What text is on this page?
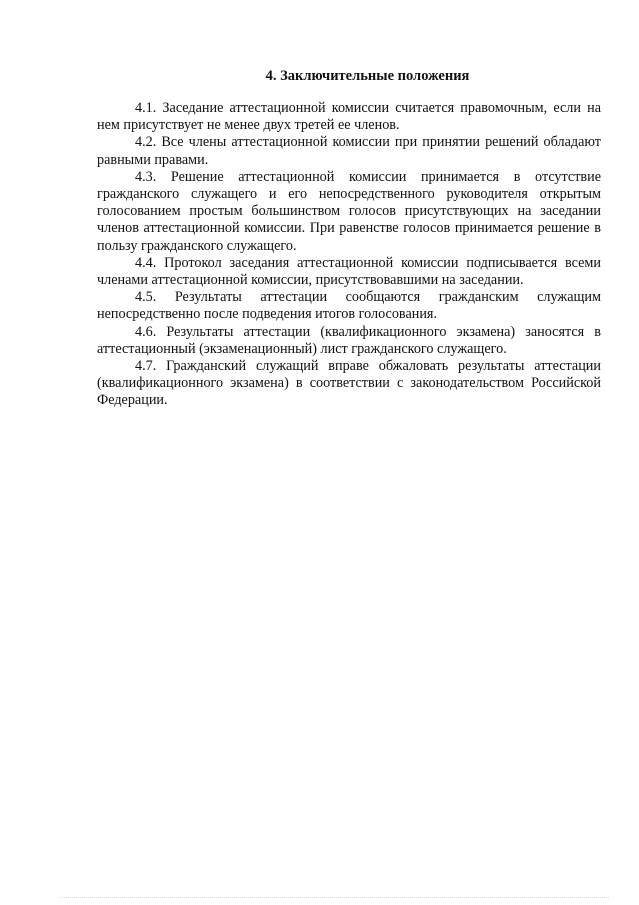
4. Заключительные положения

4.1. Заседание аттестационной комиссии считается правомочным, если на нем присутствует не менее двух третей ее членов.

4.2. Все члены аттестационной комиссии при принятии решений обладают равными правами.

4.3. Решение аттестационной комиссии принимается в отсутствие гражданского служащего и его непосредственного руководителя открытым голосованием простым большинством голосов присутствующих на заседании членов аттестационной комиссии. При равенстве голосов принимается решение в пользу гражданского служащего.

4.4. Протокол заседания аттестационной комиссии подписывается всеми членами аттестационной комиссии, присутствовавшими на заседании.

4.5. Результаты аттестации сообщаются гражданским служащим непосредственно после подведения итогов голосования.

4.6. Результаты аттестации (квалификационного экзамена) заносятся в аттестационный (экзаменационный) лист гражданского служащего.

4.7. Гражданский служащий вправе обжаловать результаты аттестации (квалификационного экзамена) в соответствии с законодательством Российской Федерации.
